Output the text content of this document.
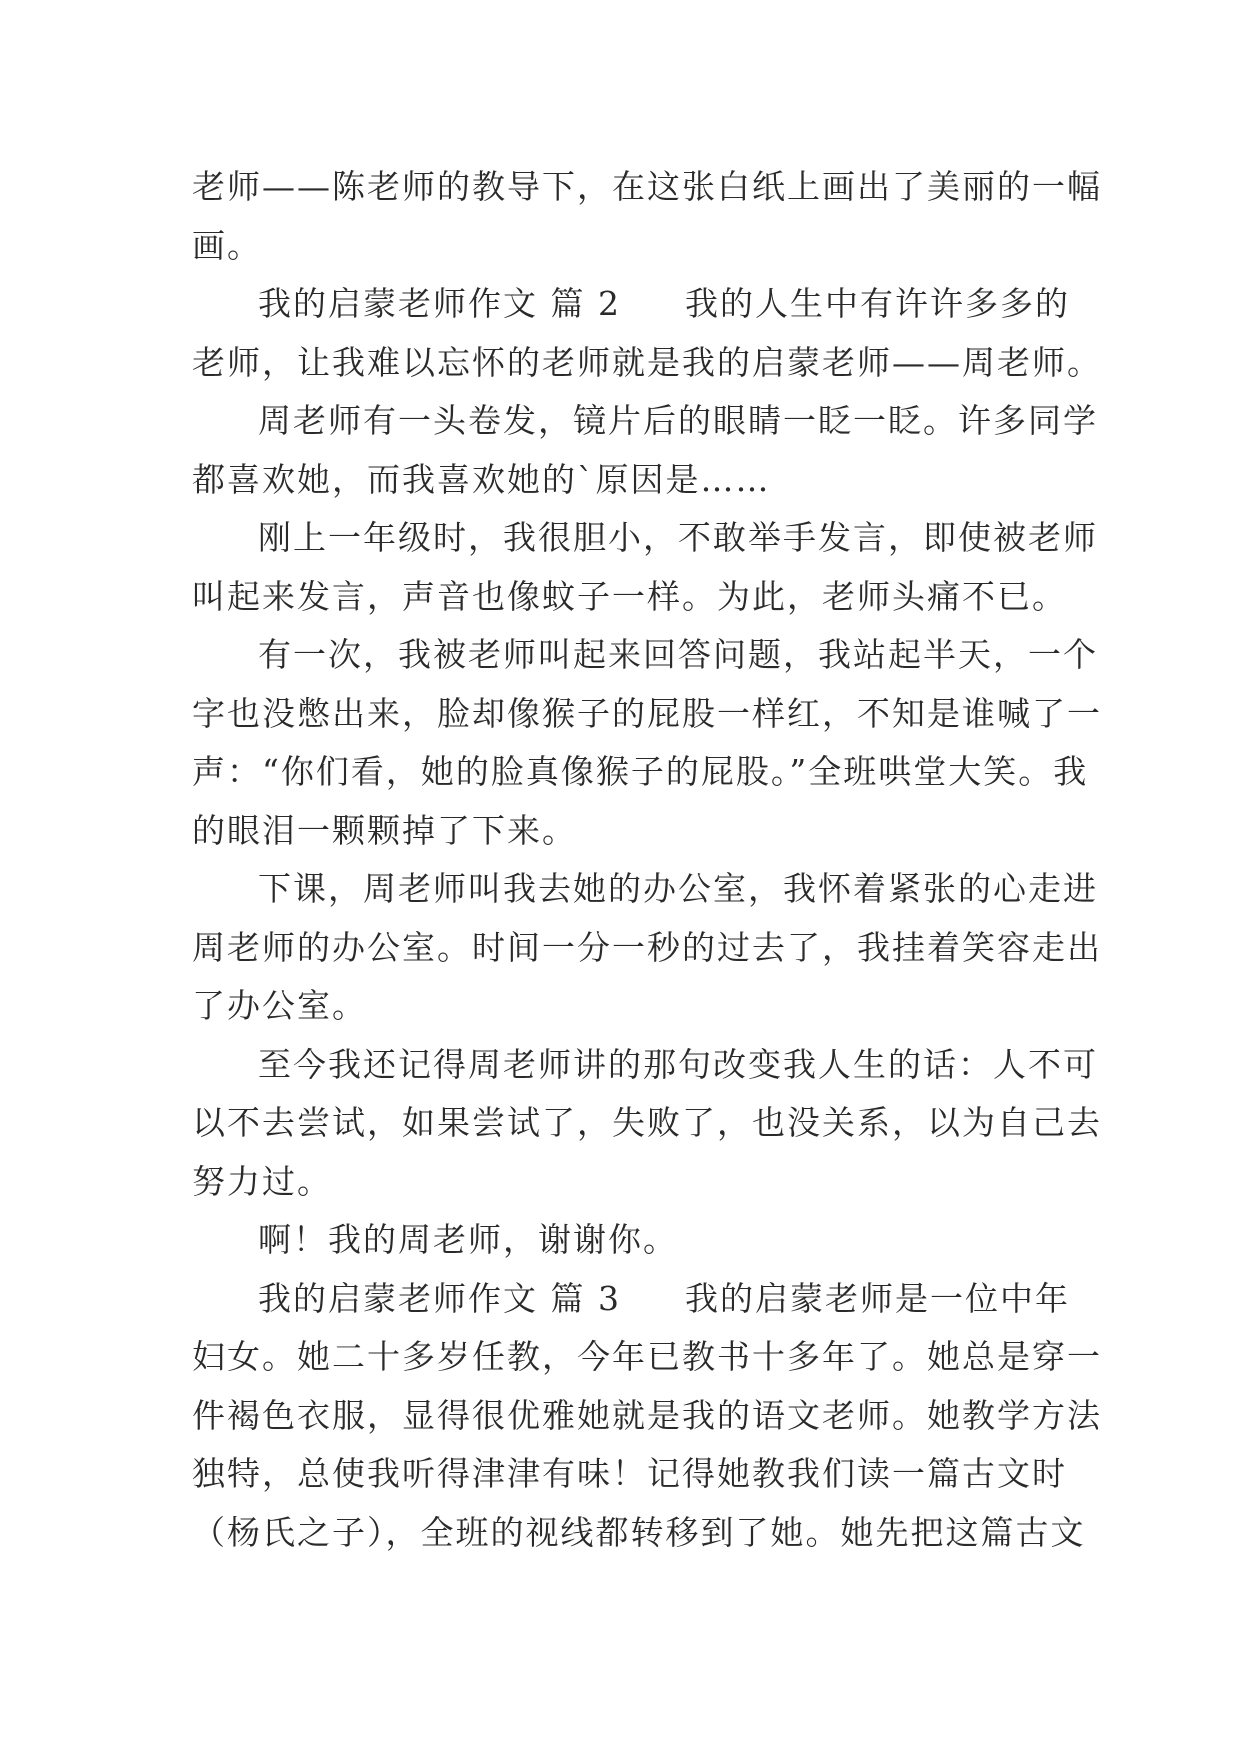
老师——陈老师的教导下，在这张白纸上画出了美丽的一幅
画。
我的启蒙老师作文 篇 2 我的人生中有许许多多的
老师，让我难以忘怀的老师就是我的启蒙老师——周老师。
周老师有一头卷发，镜片后的眼睛一眨一眨。许多同学
都喜欢她，而我喜欢她的`原因是……
刚上一年级时，我很胆小，不敢举手发言，即使被老师
叫起来发言，声音也像蚊子一样。为此，老师头痛不已。
有一次，我被老师叫起来回答问题，我站起半天，一个
字也没憋出来，脸却像猴子的屁股一样红，不知是谁喊了一
声：“你们看，她的脸真像猴子的屁股。”全班哄堂大笑。我
的眼泪一颗颗掉了下来。
下课，周老师叫我去她的办公室，我怀着紧张的心走进
周老师的办公室。时间一分一秒的过去了，我挂着笑容走出
了办公室。
至今我还记得周老师讲的那句改变我人生的话：人不可
以不去尝试，如果尝试了，失败了，也没关系，以为自己去
努力过。
啊！我的周老师，谢谢你。
我的启蒙老师作文 篇 3 我的启蒙老师是一位中年
妇女。她二十多岁任教，今年已教书十多年了。她总是穿一
件褐色衣服，显得很优雅她就是我的语文老师。她教学方法
独特，总使我听得津津有味！记得她教我们读一篇古文时
（杨氏之子），全班的视线都转移到了她。她先把这篇古文
